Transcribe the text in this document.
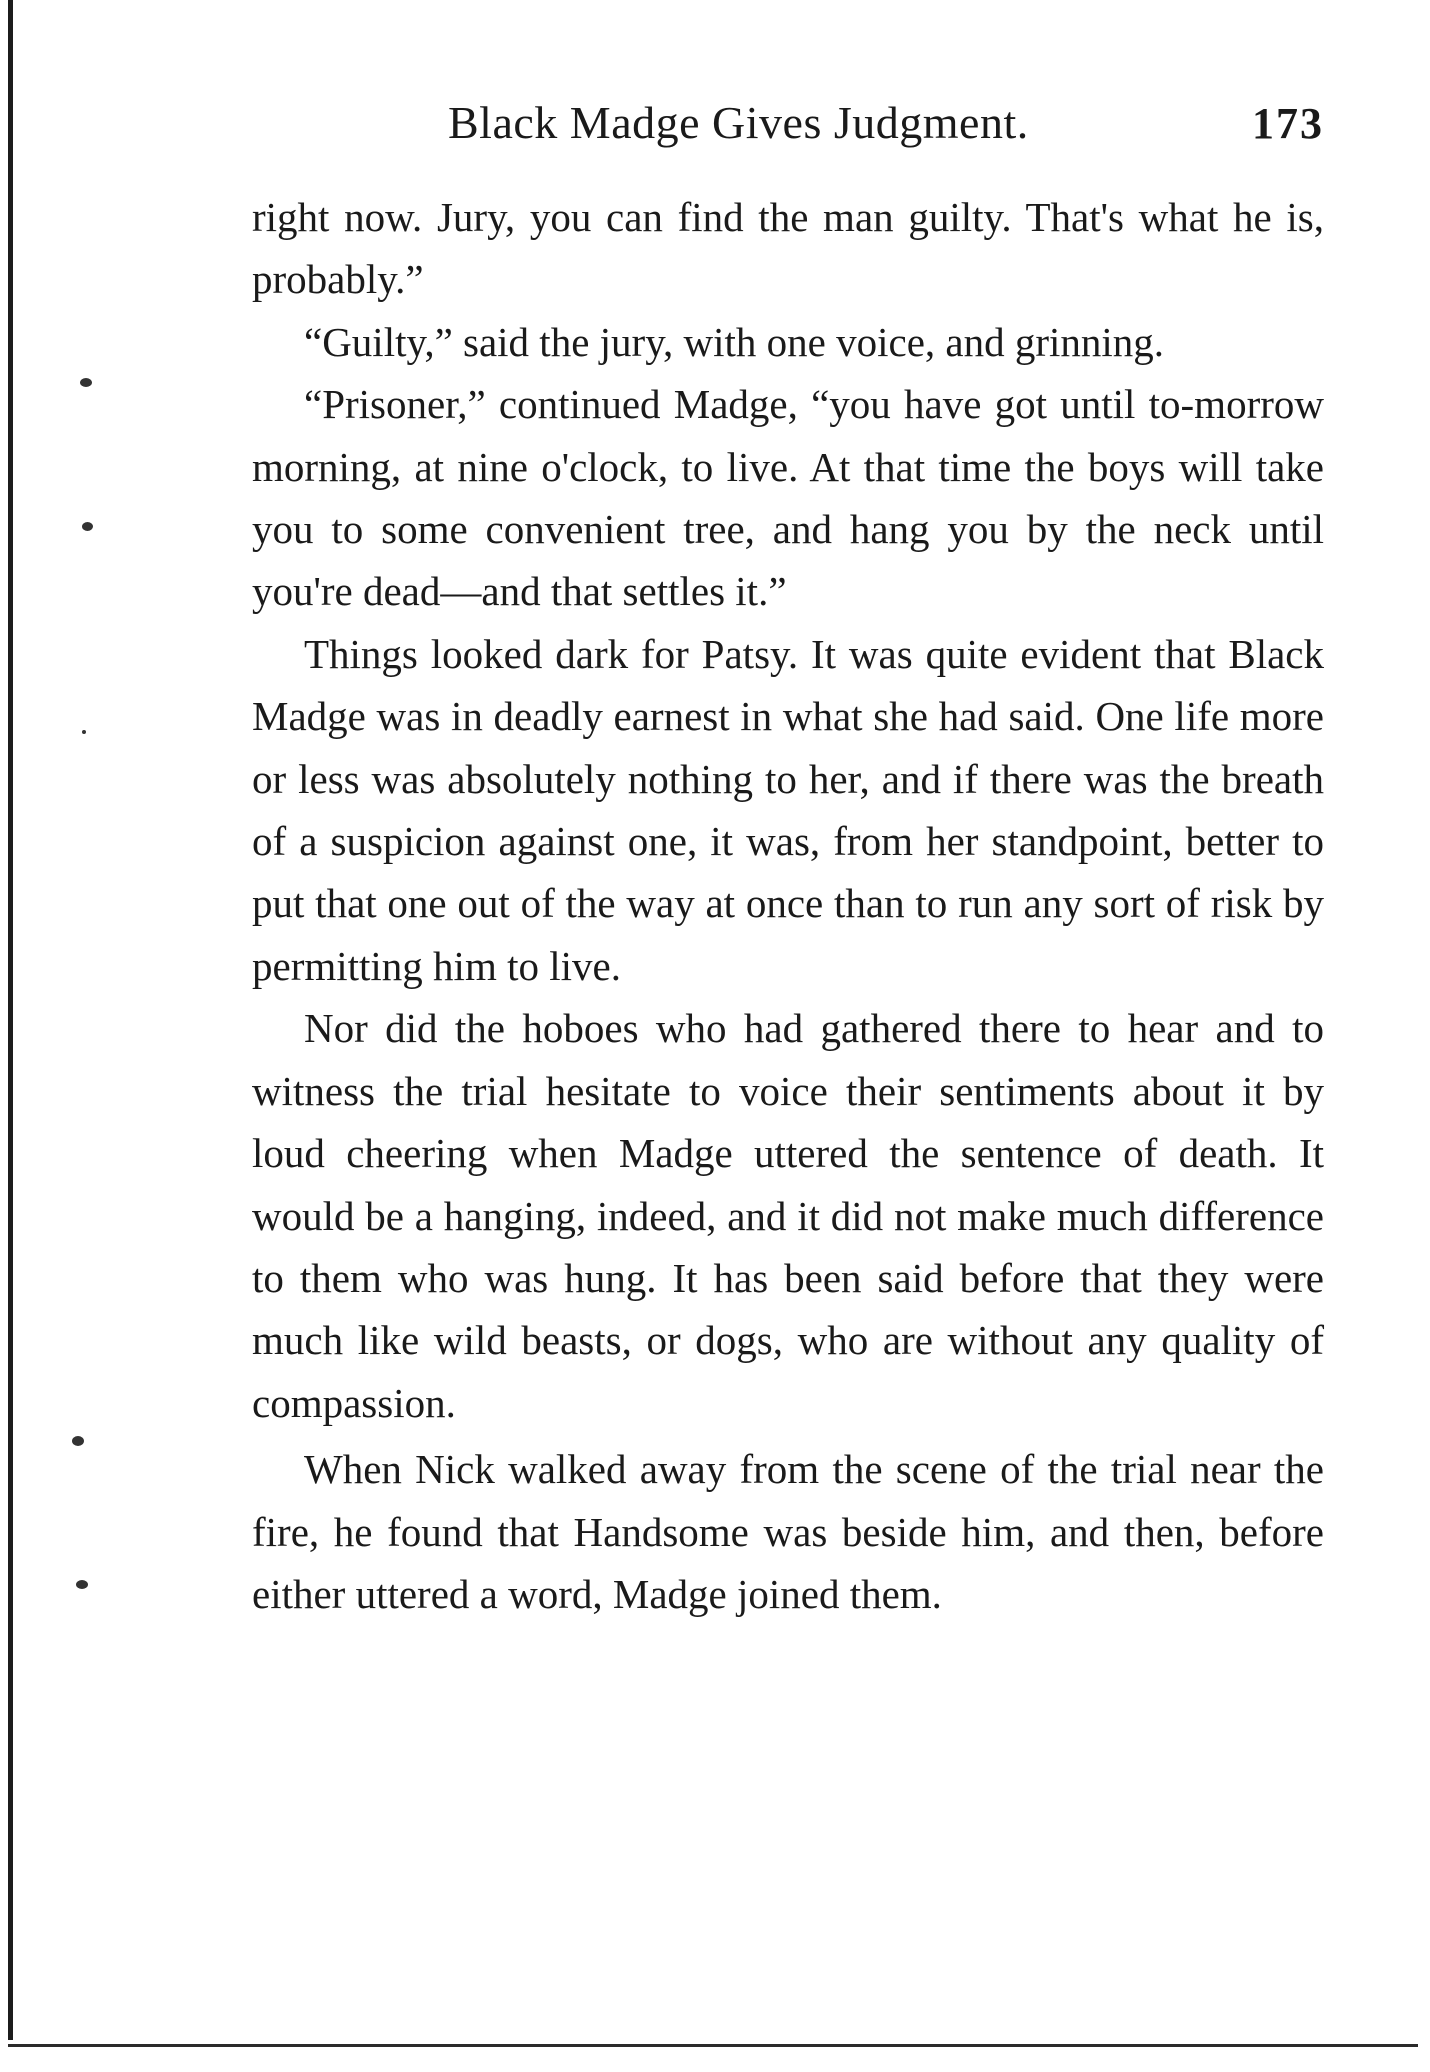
Black Madge Gives Judgment.	173

right now. Jury, you can find the man guilty. That's what he is, probably.”

“Guilty,” said the jury, with one voice, and grinning.

“Prisoner,” continued Madge, “you have got until to-morrow morning, at nine o'clock, to live. At that time the boys will take you to some convenient tree, and hang you by the neck until you're dead—and that settles it.”

Things looked dark for Patsy. It was quite evident that Black Madge was in deadly earnest in what she had said. One life more or less was absolutely nothing to her, and if there was the breath of a suspicion against one, it was, from her standpoint, better to put that one out of the way at once than to run any sort of risk by permitting him to live.

Nor did the hoboes who had gathered there to hear and to witness the trial hesitate to voice their sentiments about it by loud cheering when Madge uttered the sentence of death. It would be a hanging, indeed, and it did not make much difference to them who was hung. It has been said before that they were much like wild beasts, or dogs, who are without any quality of compassion.

When Nick walked away from the scene of the trial near the fire, he found that Handsome was beside him, and then, before either uttered a word, Madge joined them.
